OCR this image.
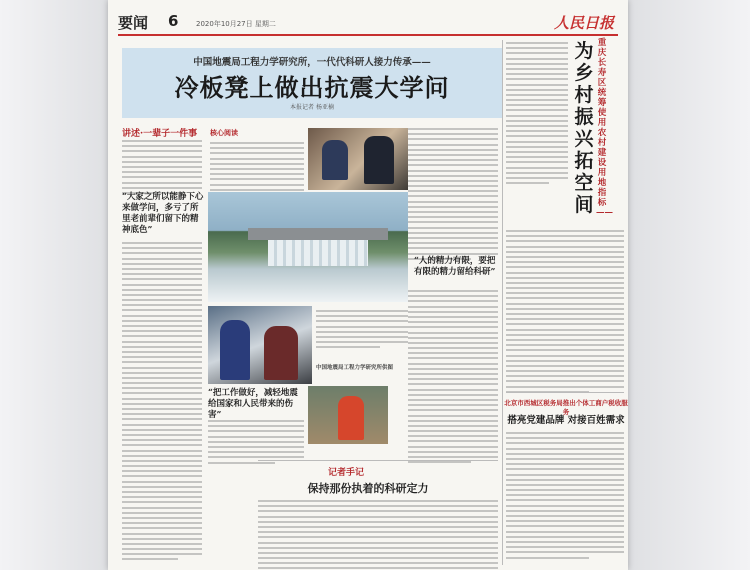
要闻 6	2020年10月27日 星期二	人民日报
中国地震局工程力学研究所，一代代科研人接力传承——
冷板凳上做出抗震大学问
本报记者 杨亚楠
讲述·一辈子一件事
“大家之所以能静下心来做学问，多亏了所里老前辈们留下的精神底色”
核心阅读
中国地震局工程力学研究所供图
“把工作做好，减轻地震给国家和人民带来的伤害”
“人的精力有限，要把有限的精力留给科研”
记者手记
保持那份执着的科研定力
为乡村振兴拓空间
重庆长寿区统筹使用农村建设用地指标——
北京市西城区税务局推出个体工商户税收服务
搭亮党建品牌 对接百姓需求
